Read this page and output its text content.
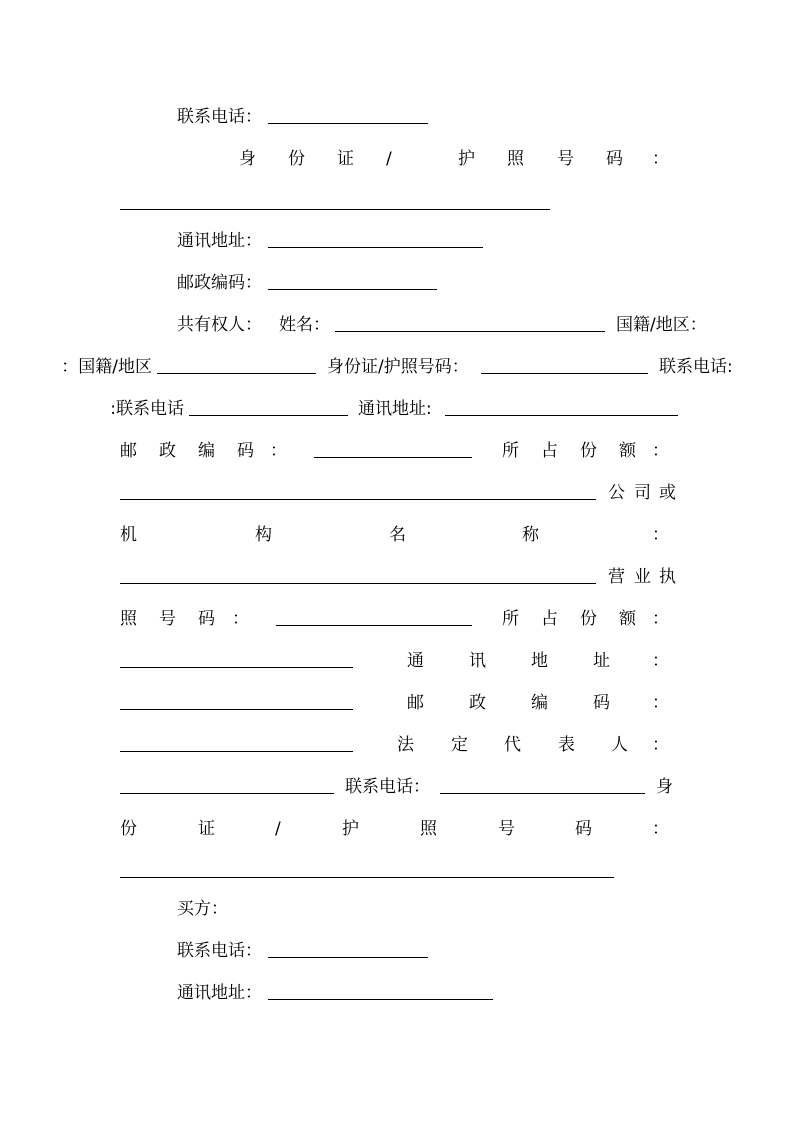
联系电话：
身 份 证 /	护 照 号 码 ：
通讯地址：
邮政编码：
共有权人： 姓名：	国籍/地区：
国籍/地区：	身份证/护照号码：	联系电话:
联系电话:	通讯地址:
邮 政 编 码 ：	所 占 份 额 ：
公 司 或
机	构	名	称	：
营 业 执
照 号 码 ：	所 占 份 额 ：
通	讯	地	址 ：
邮	政	编	码 ：
法 定 代 表 人 ：
联系电话：	身
份	证	/	护	照	号	码	：
买方：
联系电话：
通讯地址：
